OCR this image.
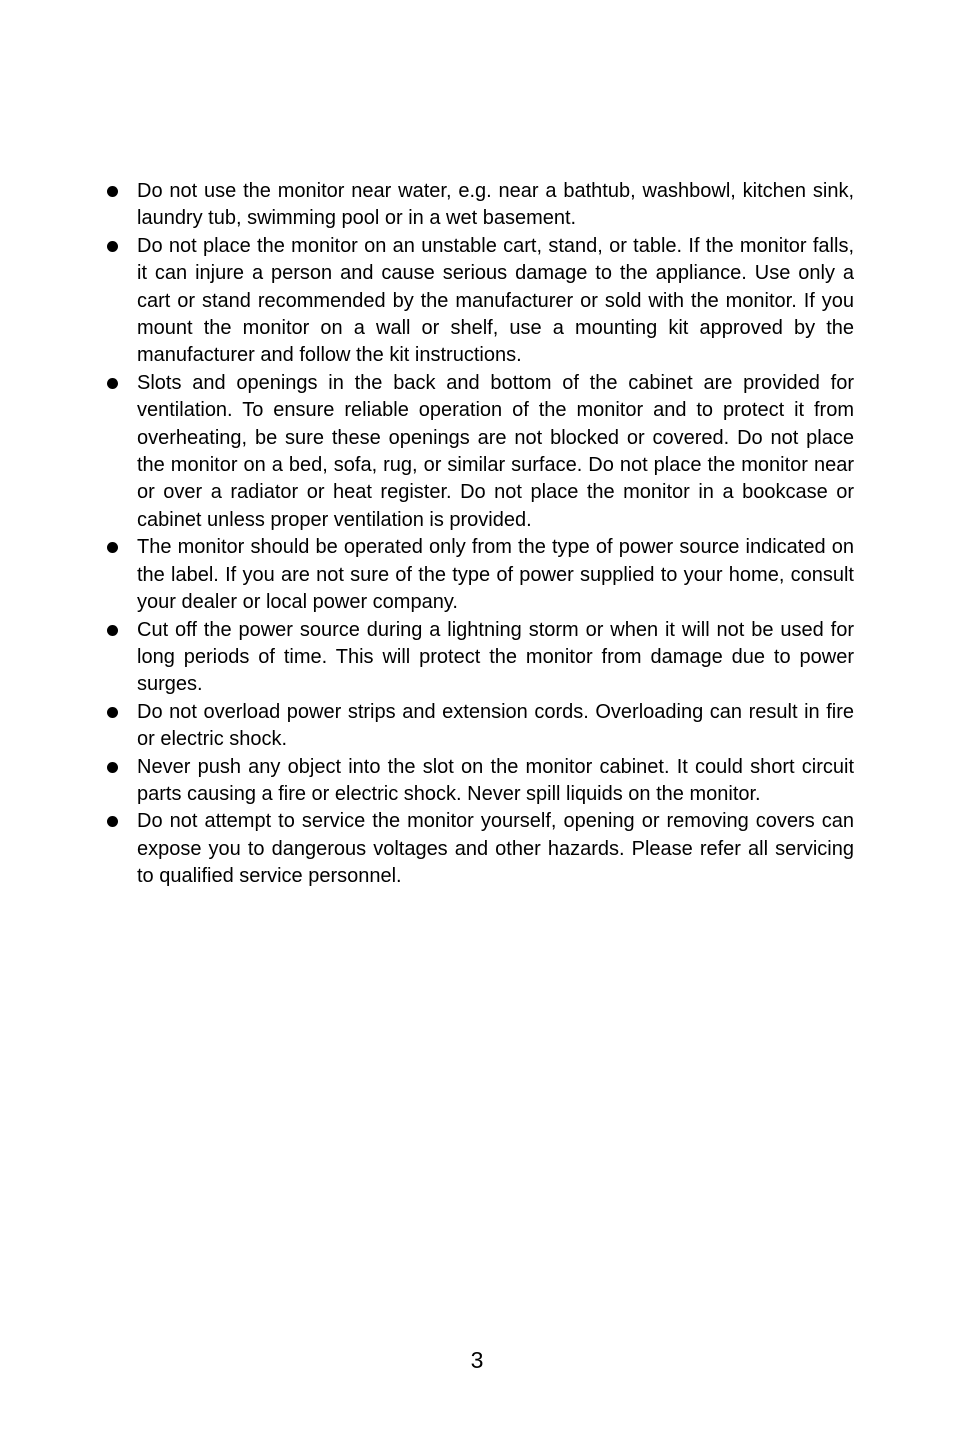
Do not use the monitor near water, e.g. near a bathtub, washbowl, kitchen sink, laundry tub, swimming pool or in a wet basement.
Do not place the monitor on an unstable cart, stand, or table. If the monitor falls, it can injure a person and cause serious damage to the appliance. Use only a cart or stand recommended by the manufacturer or sold with the monitor. If you mount the monitor on a wall or shelf, use a mounting kit approved by the manufacturer and follow the kit instructions.
Slots and openings in the back and bottom of the cabinet are provided for ventilation. To ensure reliable operation of the monitor and to protect it from overheating, be sure these openings are not blocked or covered. Do not place the monitor on a bed, sofa, rug, or similar surface. Do not place the monitor near or over a radiator or heat register. Do not place the monitor in a bookcase or cabinet unless proper ventilation is provided.
The monitor should be operated only from the type of power source indicated on the label. If you are not sure of the type of power supplied to your home, consult your dealer or local power company.
Cut off the power source during a lightning storm or when it will not be used for long periods of time. This will protect the monitor from damage due to power surges.
Do not overload power strips and extension cords. Overloading can result in fire or electric shock.
Never push any object into the slot on the monitor cabinet. It could short circuit parts causing a fire or electric shock. Never spill liquids on the monitor.
Do not attempt to service the monitor yourself, opening or removing covers can expose you to dangerous voltages and other hazards. Please refer all servicing to qualified service personnel.
3
